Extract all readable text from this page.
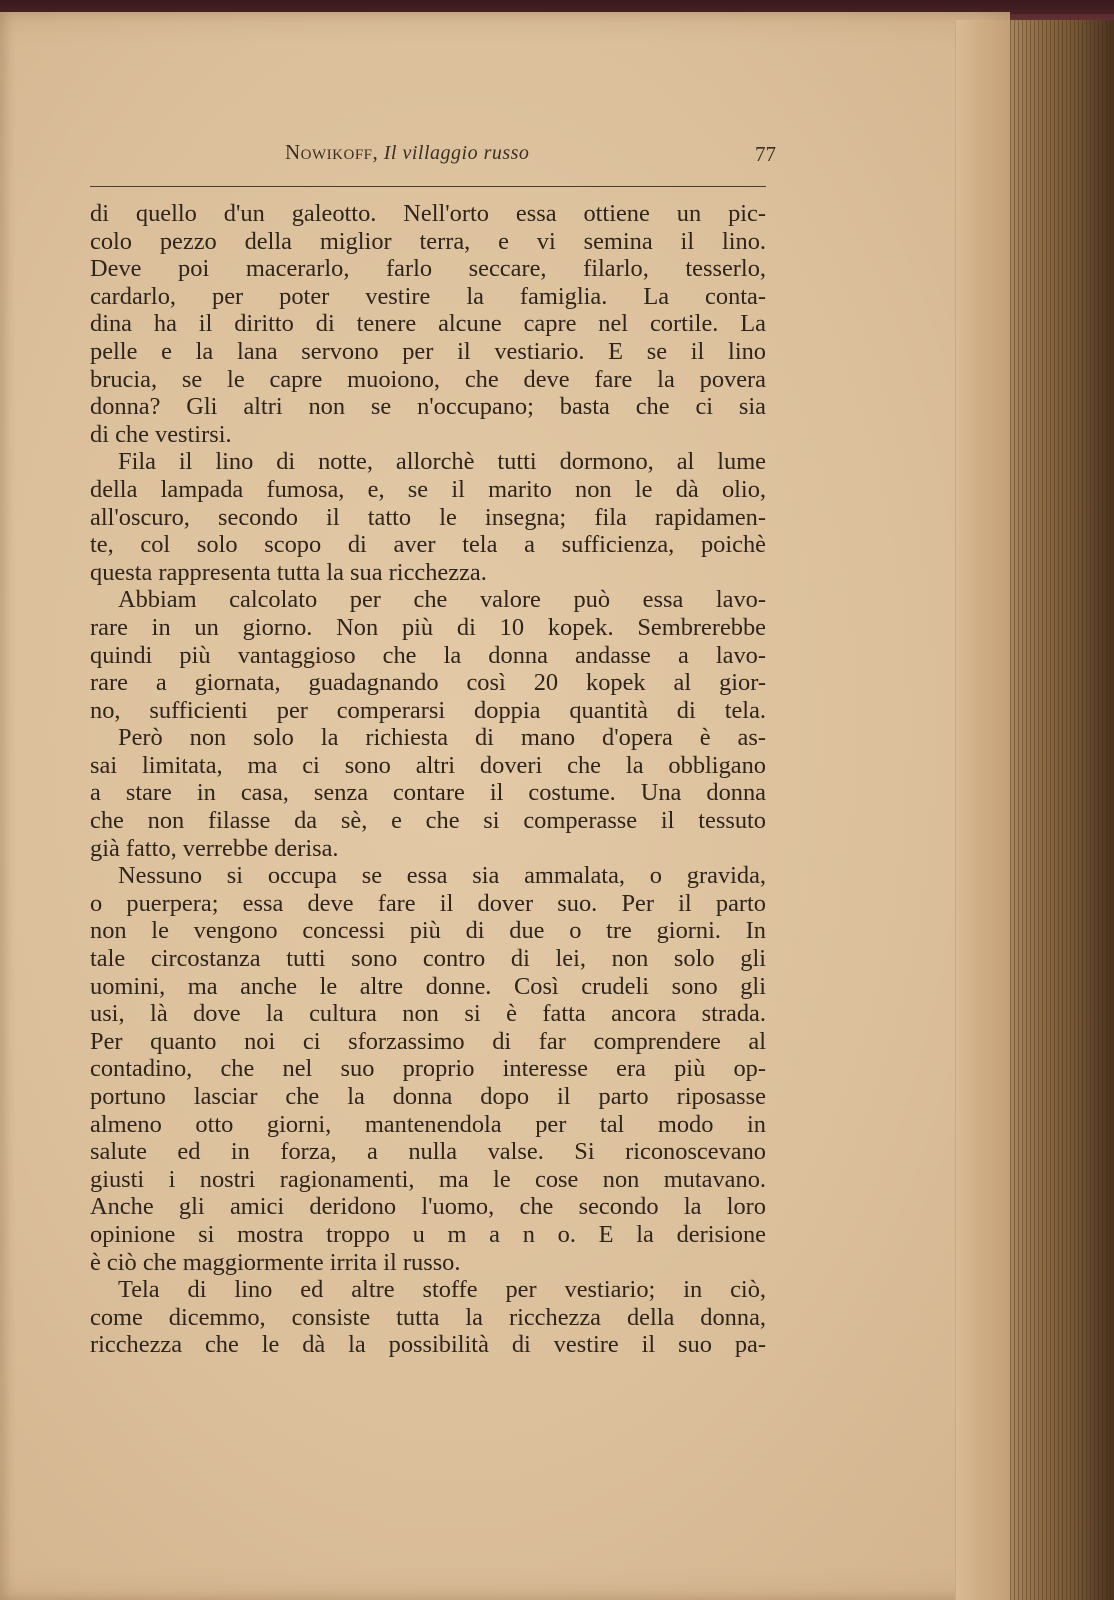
Nowikoff, Il villaggio russo	77
di quello d'un galeotto. Nell'orto essa ottiene un pic-
colo pezzo della miglior terra, e vi semina il lino.
Deve poi macerarlo, farlo seccare, filarlo, tesserlo,
cardarlo, per poter vestire la famiglia. La conta-
dina ha il diritto di tenere alcune capre nel cortile. La
pelle e la lana servono per il vestiario. E se il lino
brucia, se le capre muoiono, che deve fare la povera
donna? Gli altri non se n'occupano; basta che ci sia
di che vestirsi.
Fila il lino di notte, allorchè tutti dormono, al lume
della lampada fumosa, e, se il marito non le dà olio,
all'oscuro, secondo il tatto le insegna; fila rapidamen-
te, col solo scopo di aver tela a sufficienza, poichè
questa rappresenta tutta la sua ricchezza.
Abbiam calcolato per che valore può essa lavo-
rare in un giorno. Non più di 10 kopek. Sembrerebbe
quindi più vantaggioso che la donna andasse a lavo-
rare a giornata, guadagnando così 20 kopek al gior-
no, sufficienti per comperarsi doppia quantità di tela.
Però non solo la richiesta di mano d'opera è as-
sai limitata, ma ci sono altri doveri che la obbligano
a stare in casa, senza contare il costume. Una donna
che non filasse da sè, e che si comperasse il tessuto
già fatto, verrebbe derisa.
Nessuno si occupa se essa sia ammalata, o gravida,
o puerpera; essa deve fare il dover suo. Per il parto
non le vengono concessi più di due o tre giorni. In
tale circostanza tutti sono contro di lei, non solo gli
uomini, ma anche le altre donne. Così crudeli sono gli
usi, là dove la cultura non si è fatta ancora strada.
Per quanto noi ci sforzassimo di far comprendere al
contadino, che nel suo proprio interesse era più op-
portuno lasciar che la donna dopo il parto riposasse
almeno otto giorni, mantenendola per tal modo in
salute ed in forza, a nulla valse. Si riconoscevano
giusti i nostri ragionamenti, ma le cose non mutavano.
Anche gli amici deridono l'uomo, che secondo la loro
opinione si mostra troppo u m a n o. E la derisione
è ciò che maggiormente irrita il russo.
Tela di lino ed altre stoffe per vestiario; in ciò,
come dicemmo, consiste tutta la ricchezza della donna,
ricchezza che le dà la possibilità di vestire il suo pa-
